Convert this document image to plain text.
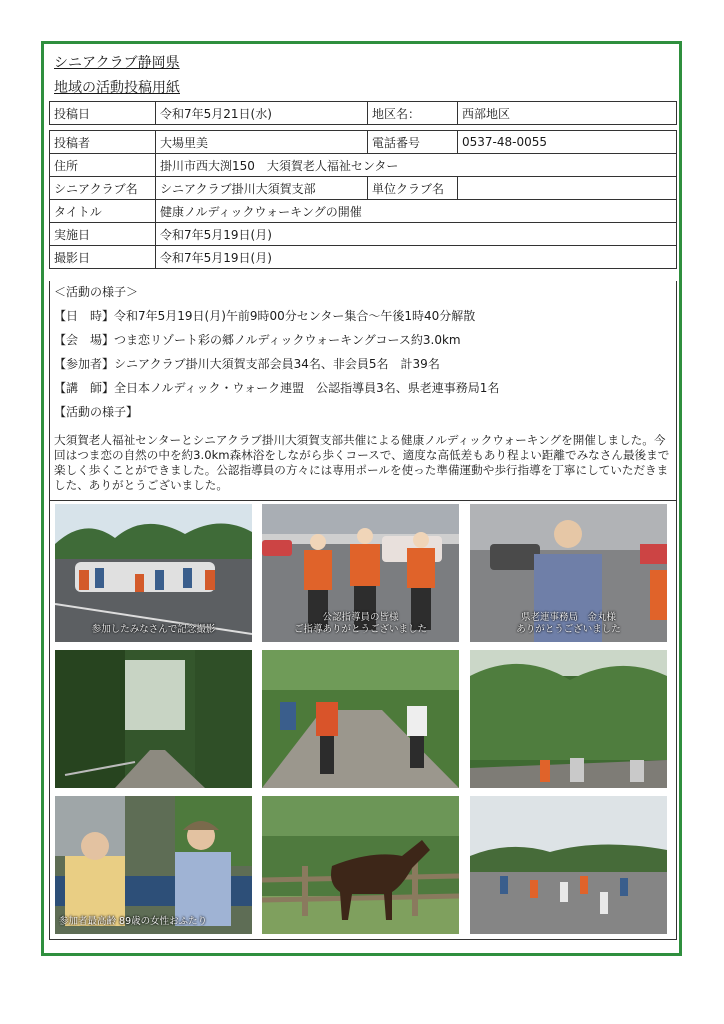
シニアクラブ静岡県
地域の活動投稿用紙
投稿日	令和7年5月21日(水)	地区名：	西部地区
投稿者	大場里美	電話番号	0537-48-0055
住所	掛川市西大渕150　大須賀老人福祉センター		
シニアクラブ名	シニアクラブ掛川大須賀支部	単位クラブ名	
タイトル	健康ノルディックウォーキングの開催		
実施日	令和7年5月19日(月)		
撮影日	令和7年5月19日(月)		
＜活動の様子＞
【日　時】令和7年5月19日(月)午前9時00分センター集合～午後1時40分解散
【会　場】つま恋リゾート彩の郷ノルディックウォーキングコース約3.0km
【参加者】シニアクラブ掛川大須賀支部会員34名、非会員5名　計39名
【講　師】全日本ノルディック・ウォーク連盟　公認指導員3名、県老連事務局1名
【活動の様子】
大須賀老人福祉センターとシニアクラブ掛川大須賀支部共催による健康ノルディックウォーキングを開催しました。今回はつま恋の自然の中を約3.0km森林浴をしながら歩くコースで、適度な高低差もあり程よい距離でみなさん最後まで楽しく歩くことができました。公認指導員の方々には専用ポールを使った準備運動や歩行指導を丁寧にしていただきました、ありがとうございました。
参加したみなさんで記念撮影
公認指導員の皆様
ご指導ありがとうございました
県老連事務局　金丸様
ありがとうございました
参加者最高齢 89歳の女性おふたり
